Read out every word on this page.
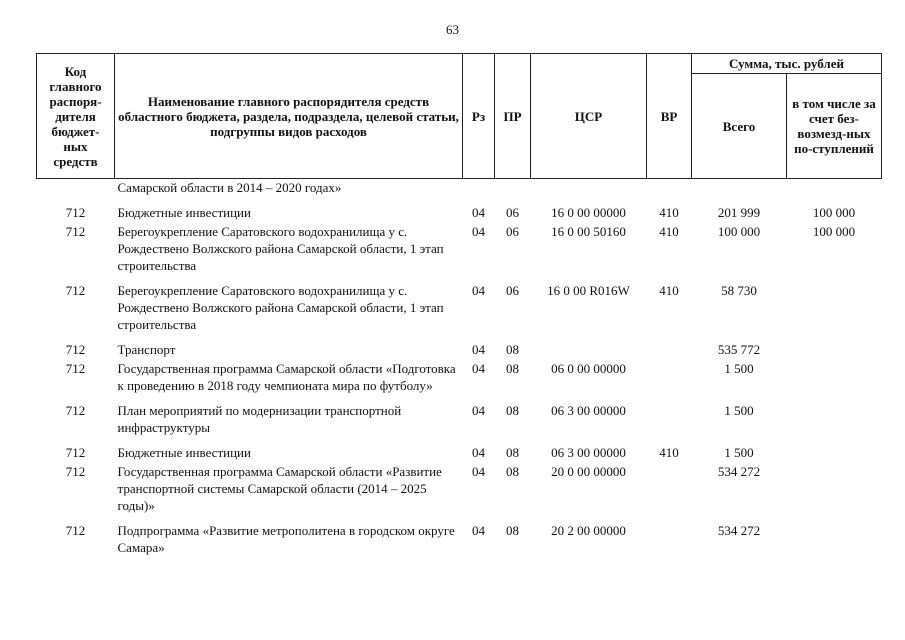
63
Код главного распоря-дителя бюджет-ных средств	Наименование главного распорядителя средств областного бюджета, раздела, подраздела, целевой статьи, подгруппы видов расходов	Рз	ПР	ЦСР	ВР	Сумма, тыс. рублей	
						Всего	в том числе за счет без-возмезд-ных по-ступлений
	Самарской области в 2014 – 2020 годах»						
712	Бюджетные инвестиции	04	06	16 0 00 00000	410	201 999	100 000
712	Берегоукрепление Саратовского водохранилища у с. Рождествено Волжского района Самарской области, 1 этап строительства	04	06	16 0 00 50160	410	100 000	100 000
712	Берегоукрепление Саратовского водохранилища у с. Рождествено Волжского района Самарской области, 1 этап строительства	04	06	16 0 00 R016W	410	58 730	
712	Транспорт	04	08			535 772	
712	Государственная программа Самарской области «Подготовка к проведению в 2018 году чемпионата мира по футболу»	04	08	06 0 00 00000		1 500	
712	План мероприятий по модернизации транспортной инфраструктуры	04	08	06 3 00 00000		1 500	
712	Бюджетные инвестиции	04	08	06 3 00 00000	410	1 500	
712	Государственная программа Самарской области «Развитие транспортной системы Самарской области (2014 – 2025 годы)»	04	08	20 0 00 00000		534 272	
712	Подпрограмма «Развитие метрополитена в городском округе Самара»	04	08	20 2 00 00000		534 272	
